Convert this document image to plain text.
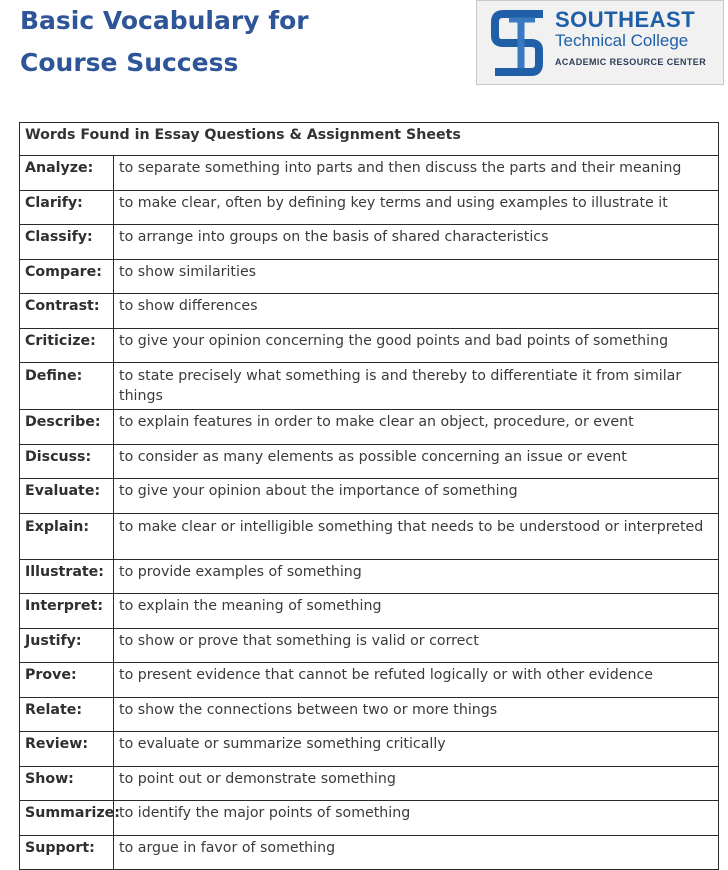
Basic Vocabulary for
Course Success
SOUTHEAST
Technical College
ACADEMIC RESOURCE CENTER
Words Found in Essay Questions & Assignment Sheets	
Analyze:	to separate something into parts and then discuss the parts and their meaning
Clarify:	to make clear, often by defining key terms and using examples to illustrate it
Classify:	to arrange into groups on the basis of shared characteristics
Compare:	to show similarities
Contrast:	to show differences
Criticize:	to give your opinion concerning the good points and bad points of something
Define:	to state precisely what something is and thereby to differentiate it from similar things
Describe:	to explain features in order to make clear an object, procedure, or event
Discuss:	to consider as many elements as possible concerning an issue or event
Evaluate:	to give your opinion about the importance of something
Explain:	to make clear or intelligible something that needs to be understood or interpreted
Illustrate:	to provide examples of something
Interpret:	to explain the meaning of something
Justify:	to show or prove that something is valid or correct
Prove:	to present evidence that cannot be refuted logically or with other evidence
Relate:	to show the connections between two or more things
Review:	to evaluate or summarize something critically
Show:	to point out or demonstrate something
Summarize:	to identify the major points of something
Support:	to argue in favor of something
